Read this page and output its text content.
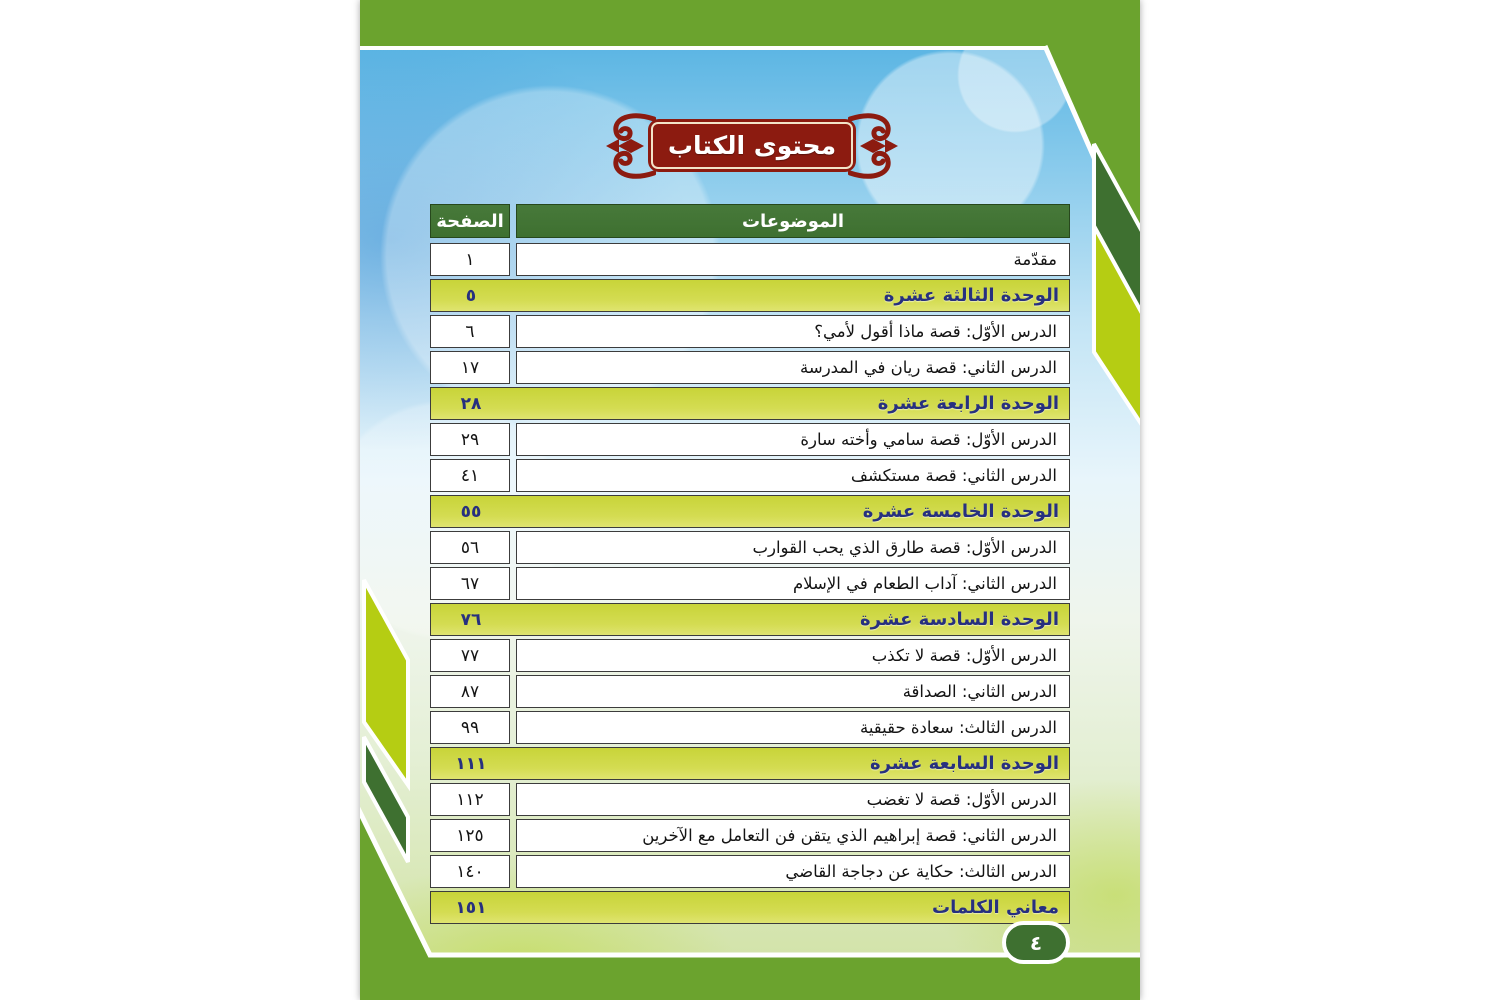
محتوى الكتاب
الصفحة	الموضوعات
١	مقدّمة
٥	الوحدة الثالثة عشرة
٦	الدرس الأوّل: قصة ماذا أقول لأمي؟
١٧	الدرس الثاني: قصة ريان في المدرسة
٢٨	الوحدة الرابعة عشرة
٢٩	الدرس الأوّل: قصة سامي وأخته سارة
٤١	الدرس الثاني: قصة مستكشف
٥٥	الوحدة الخامسة عشرة
٥٦	الدرس الأوّل: قصة طارق الذي يحب القوارب
٦٧	الدرس الثاني: آداب الطعام في الإسلام
٧٦	الوحدة السادسة عشرة
٧٧	الدرس الأوّل: قصة لا تكذب
٨٧	الدرس الثاني: الصداقة
٩٩	الدرس الثالث: سعادة حقيقية
١١١	الوحدة السابعة عشرة
١١٢	الدرس الأوّل: قصة لا تغضب
١٢٥	الدرس الثاني: قصة إبراهيم الذي يتقن فن التعامل مع الآخرين
١٤٠	الدرس الثالث: حكاية عن دجاجة القاضي
١٥١	معاني الكلمات
٤
